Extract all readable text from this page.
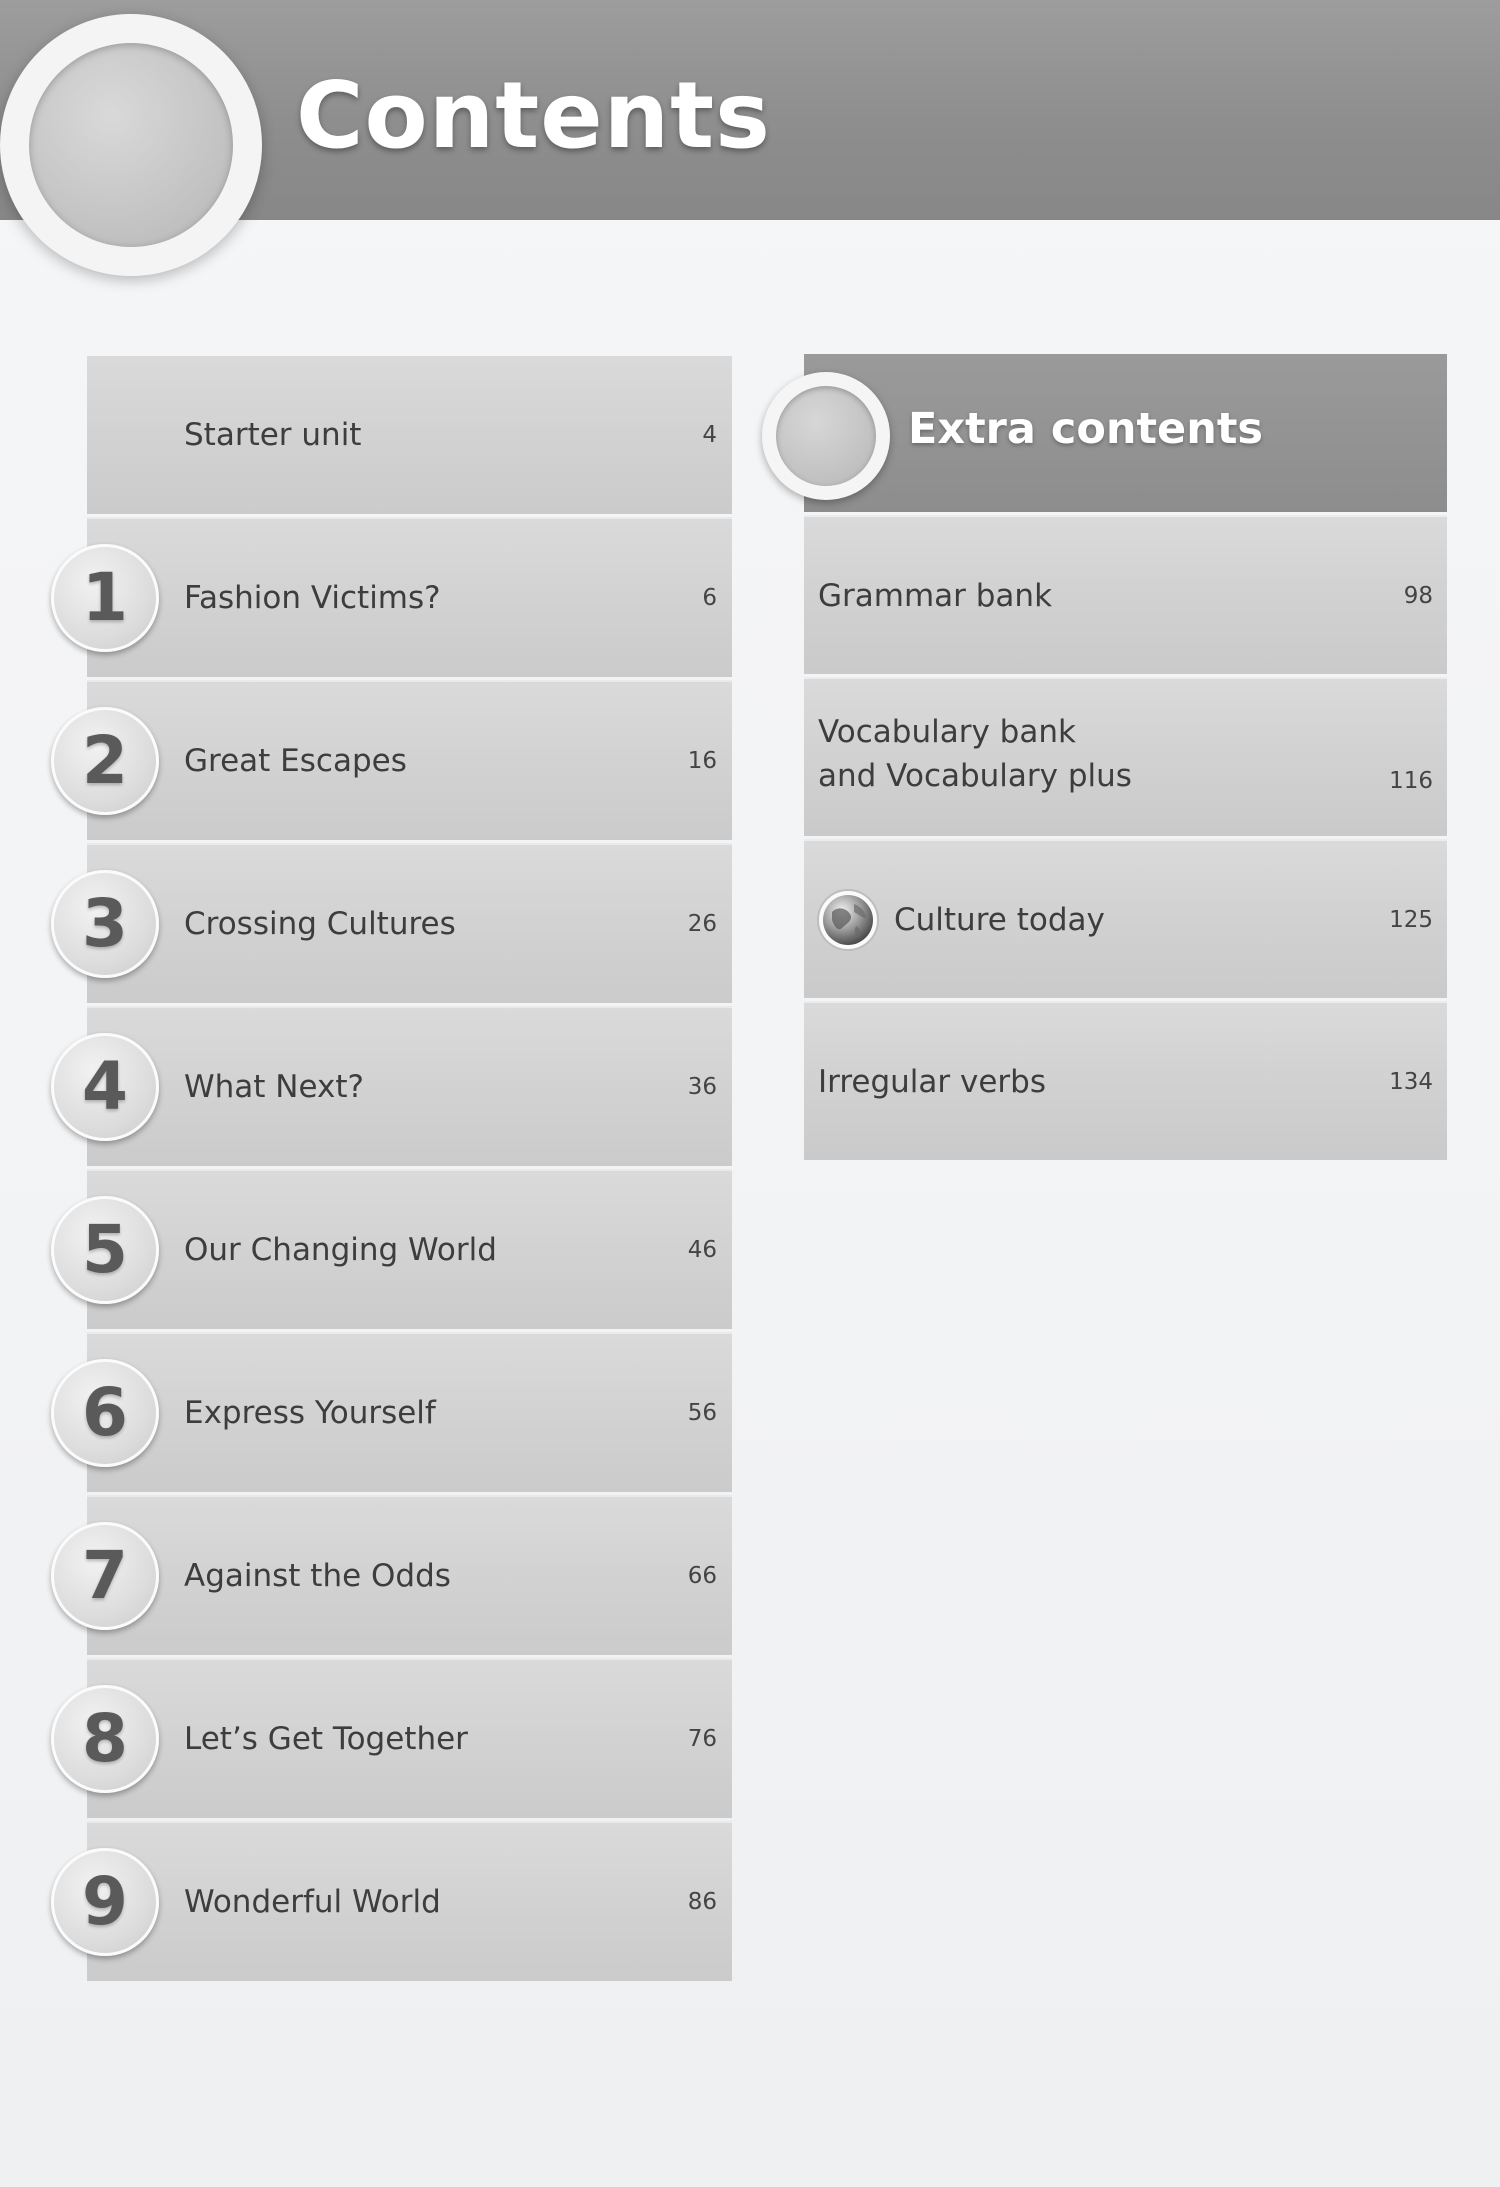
Contents
Starter unit	4
1 Fashion Victims?	6
2 Great Escapes	16
3 Crossing Cultures	26
4 What Next?	36
5 Our Changing World	46
6 Express Yourself	56
7 Against the Odds	66
8 Let’s Get Together	76
9 Wonderful World	86
Extra contents
Grammar bank	98
Vocabulary bank
and Vocabulary plus	116
Culture today	125
Irregular verbs	134
